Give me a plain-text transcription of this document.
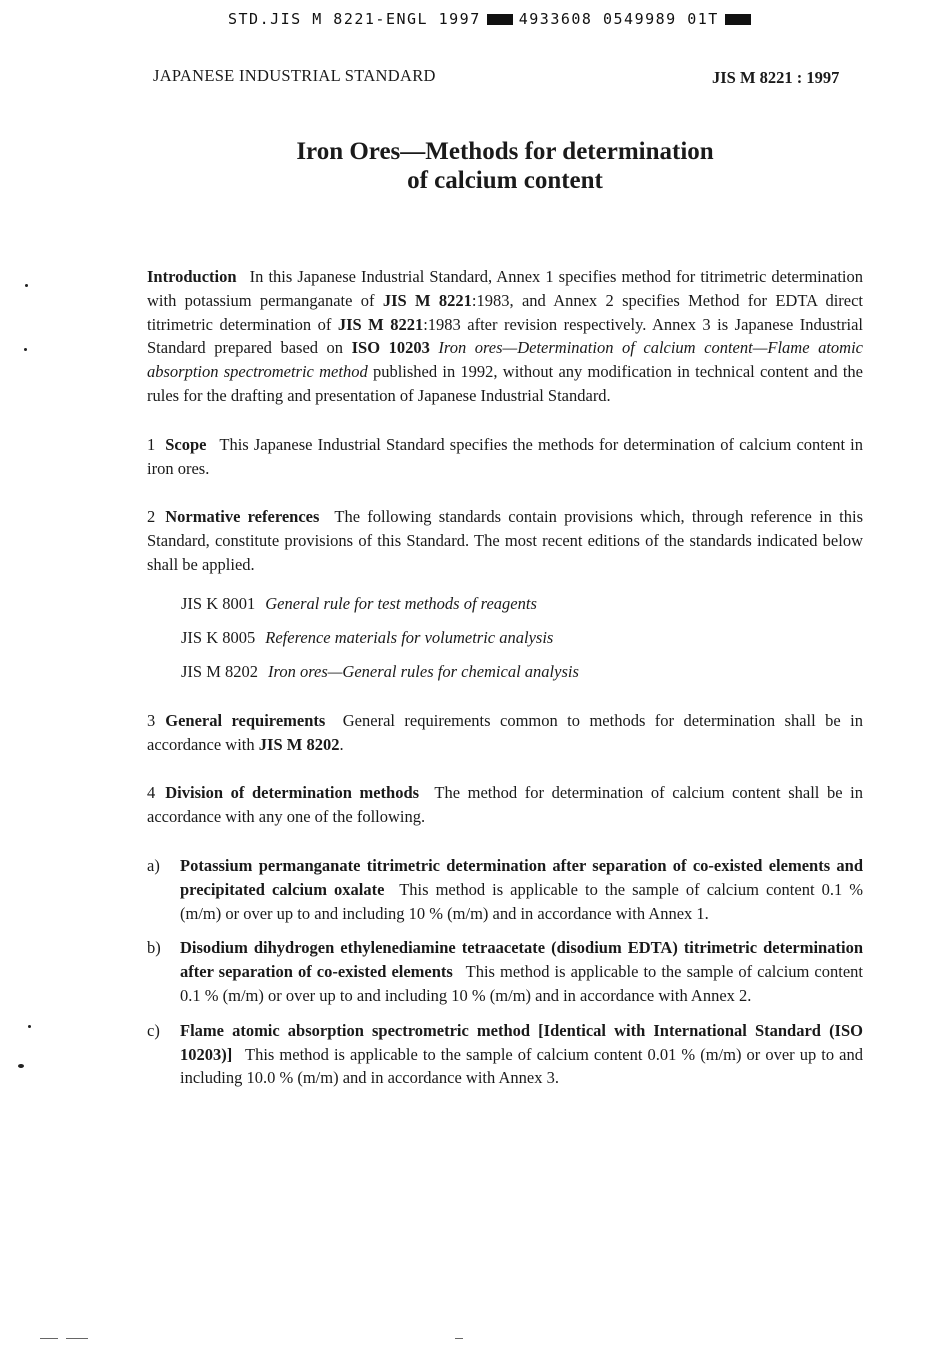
STD.JIS M 8221-ENGL 1997	4933608 0549989 01T
JAPANESE INDUSTRIAL STANDARD	JIS M 8221 : 1997
Iron Ores—Methods for determination
of calcium content

Introduction In this Japanese Industrial Standard, Annex 1 specifies method for titrimetric determination with potassium permanganate of JIS M 8221:1983, and Annex 2 specifies Method for EDTA direct titrimetric determination of JIS M 8221:1983 after revision respectively. Annex 3 is Japanese Industrial Standard prepared based on ISO 10203 Iron ores—Determination of calcium content—Flame atomic absorption spectrometric method published in 1992, without any modification in technical content and the rules for the drafting and presentation of Japanese Industrial Standard.

1 Scope This Japanese Industrial Standard specifies the methods for determination of calcium content in iron ores.

2 Normative references The following standards contain provisions which, through reference in this Standard, constitute provisions of this Standard. The most recent editions of the standards indicated below shall be applied.

JIS K 8001 General rule for test methods of reagents
JIS K 8005 Reference materials for volumetric analysis
JIS M 8202 Iron ores—General rules for chemical analysis

3 General requirements General requirements common to methods for determination shall be in accordance with JIS M 8202.

4 Division of determination methods The method for determination of calcium content shall be in accordance with any one of the following.

a)	Potassium permanganate titrimetric determination after separation of co-existed elements and precipitated calcium oxalate This method is applicable to the sample of calcium content 0.1 % (m/m) or over up to and including 10 % (m/m) and in accordance with Annex 1.
b)	Disodium dihydrogen ethylenediamine tetraacetate (disodium EDTA) titrimetric determination after separation of co-existed elements This method is applicable to the sample of calcium content 0.1 % (m/m) or over up to and including 10 % (m/m) and in accordance with Annex 2.
c)	Flame atomic absorption spectrometric method [Identical with International Standard (ISO 10203)] This method is applicable to the sample of calcium content 0.01 % (m/m) or over up to and including 10.0 % (m/m) and in accordance with Annex 3.
